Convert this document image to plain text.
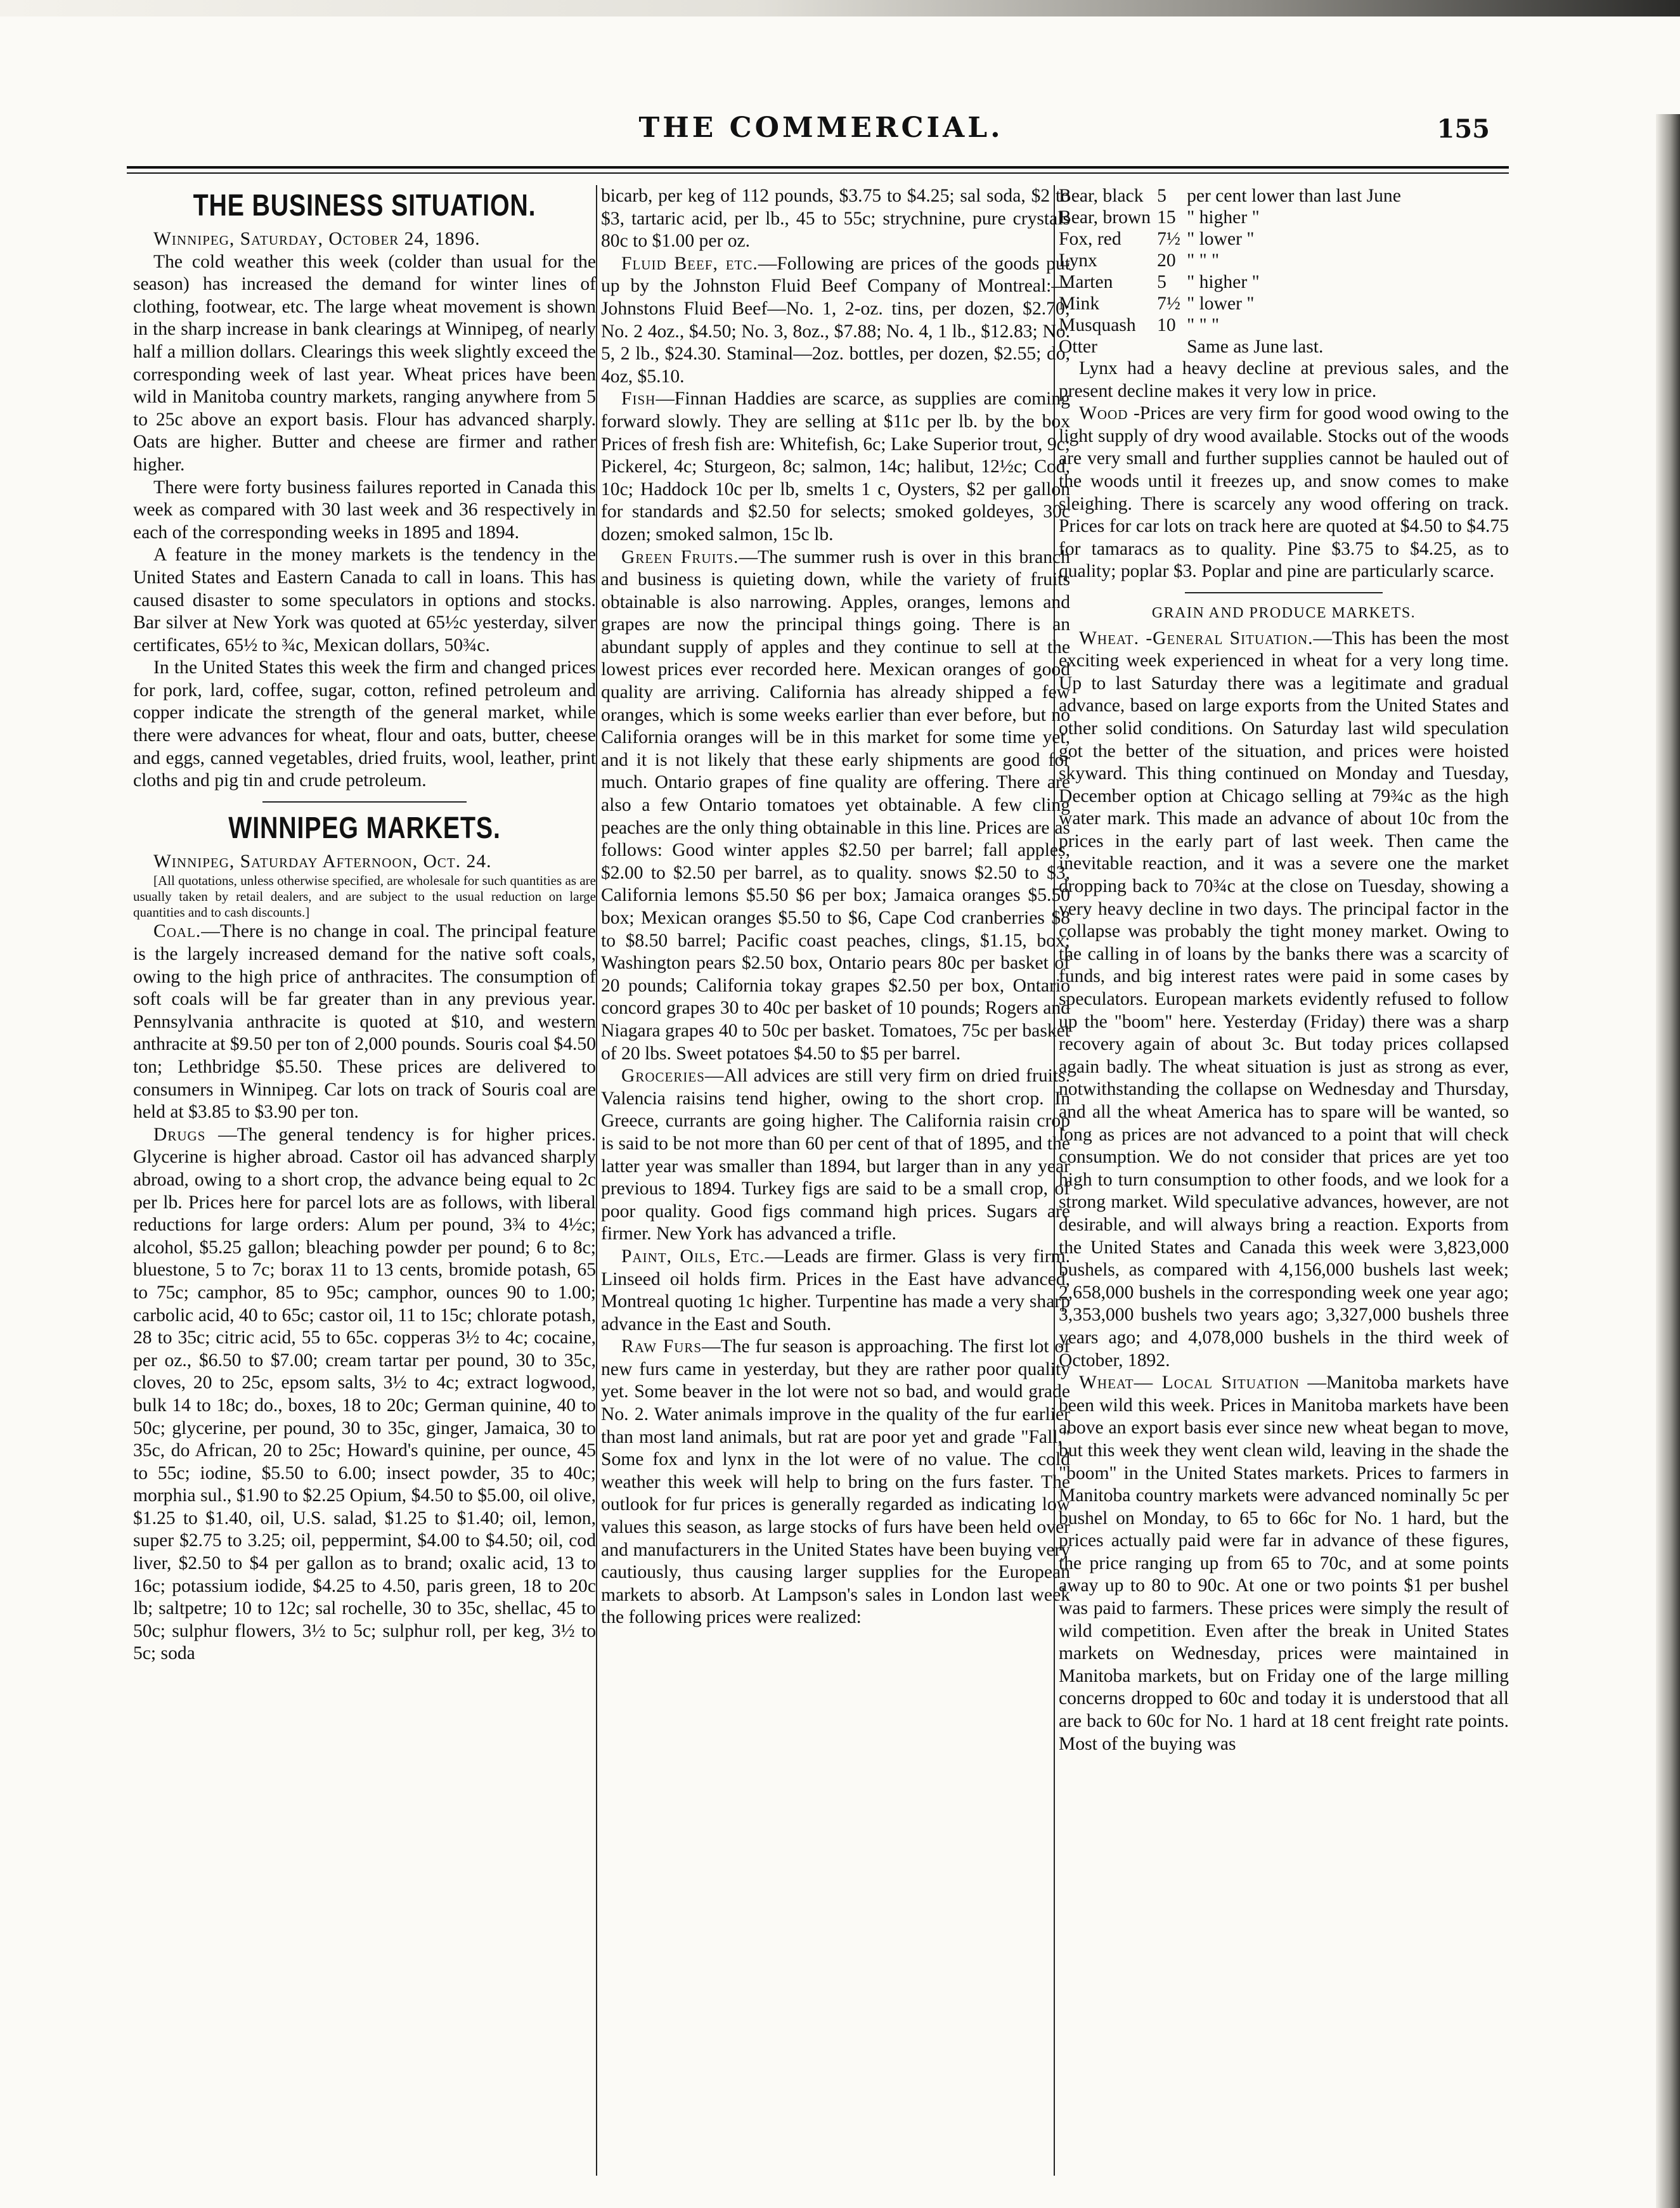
THE COMMERCIAL.	155
THE BUSINESS SITUATION.

Winnipeg, Saturday, October 24, 1896.

The cold weather this week (colder than usual for the season) has increased the demand for winter lines of clothing, footwear, etc. The large wheat movement is shown in the sharp increase in bank clearings at Winnipeg, of nearly half a million dollars. Clearings this week slightly exceed the corresponding week of last year. Wheat prices have been wild in Manitoba country markets, ranging anywhere from 5 to 25c above an export basis. Flour has advanced sharply. Oats are higher. Butter and cheese are firmer and rather higher.

There were forty business failures reported in Canada this week as compared with 30 last week and 36 respectively in each of the corresponding weeks in 1895 and 1894.

A feature in the money markets is the tendency in the United States and Eastern Canada to call in loans. This has caused disaster to some speculators in options and stocks. Bar silver at New York was quoted at 65½c yesterday, silver certificates, 65½ to ¾c, Mexican dollars, 50¾c.

In the United States this week the firm and changed prices for pork, lard, coffee, sugar, cotton, refined petroleum and copper indicate the strength of the general market, while there were advances for wheat, flour and oats, butter, cheese and eggs, canned vegetables, dried fruits, wool, leather, print cloths and pig tin and crude petroleum.

WINNIPEG MARKETS.

Winnipeg, Saturday Afternoon, Oct. 24.

[All quotations, unless otherwise specified, are wholesale for such quantities as are usually taken by retail dealers, and are subject to the usual reduction on large quantities and to cash discounts.]

Coal.—There is no change in coal. The principal feature is the largely increased demand for the native soft coals, owing to the high price of anthracites. The consumption of soft coals will be far greater than in any previous year. Pennsylvania anthracite is quoted at $10, and western anthracite at $9.50 per ton of 2,000 pounds. Souris coal $4.50 ton; Lethbridge $5.50. These prices are delivered to consumers in Winnipeg. Car lots on track of Souris coal are held at $3.85 to $3.90 per ton.

Drugs —The general tendency is for higher prices. Glycerine is higher abroad. Castor oil has advanced sharply abroad, owing to a short crop, the advance being equal to 2c per lb. Prices here for parcel lots are as follows, with liberal reductions for large orders: Alum per pound, 3¾ to 4½c; alcohol, $5.25 gallon; bleaching powder per pound; 6 to 8c; bluestone, 5 to 7c; borax 11 to 13 cents, bromide potash, 65 to 75c; camphor, 85 to 95c; camphor, ounces 90 to 1.00; carbolic acid, 40 to 65c; castor oil, 11 to 15c; chlorate potash, 28 to 35c; citric acid, 55 to 65c. copperas 3½ to 4c; cocaine, per oz., $6.50 to $7.00; cream tartar per pound, 30 to 35c, cloves, 20 to 25c, epsom salts, 3½ to 4c; extract logwood, bulk 14 to 18c; do., boxes, 18 to 20c; German quinine, 40 to 50c; glycerine, per pound, 30 to 35c, ginger, Jamaica, 30 to 35c, do African, 20 to 25c; Howard's quinine, per ounce, 45 to 55c; iodine, $5.50 to 6.00; insect powder, 35 to 40c; morphia sul., $1.90 to $2.25 Opium, $4.50 to $5.00, oil olive, $1.25 to $1.40, oil, U.S. salad, $1.25 to $1.40; oil, lemon, super $2.75 to 3.25; oil, peppermint, $4.00 to $4.50; oil, cod liver, $2.50 to $4 per gallon as to brand; oxalic acid, 13 to 16c; potassium iodide, $4.25 to 4.50, paris green, 18 to 20c lb; saltpetre; 10 to 12c; sal rochelle, 30 to 35c, shellac, 45 to 50c; sulphur flowers, 3½ to 5c; sulphur roll, per keg, 3½ to 5c; soda

bicarb, per keg of 112 pounds, $3.75 to $4.25; sal soda, $2 to $3, tartaric acid, per lb., 45 to 55c; strychnine, pure crystals 80c to $1.00 per oz.

Fluid Beef, etc.—Following are prices of the goods put up by the Johnston Fluid Beef Company of Montreal:—Johnstons Fluid Beef—No. 1, 2-oz. tins, per dozen, $2.70; No. 2 4oz., $4.50; No. 3, 8oz., $7.88; No. 4, 1 lb., $12.83; No. 5, 2 lb., $24.30. Staminal—2oz. bottles, per dozen, $2.55; do, 4oz, $5.10.

Fish—Finnan Haddies are scarce, as supplies are coming forward slowly. They are selling at $11c per lb. by the box Prices of fresh fish are: Whitefish, 6c; Lake Superior trout, 9c; Pickerel, 4c; Sturgeon, 8c; salmon, 14c; halibut, 12½c; Cod, 10c; Haddock 10c per lb, smelts 1 c, Oysters, $2 per gallon for standards and $2.50 for selects; smoked goldeyes, 30c dozen; smoked salmon, 15c lb.

Green Fruits.—The summer rush is over in this branch and business is quieting down, while the variety of fruits obtainable is also narrowing. Apples, oranges, lemons and grapes are now the principal things going. There is an abundant supply of apples and they continue to sell at the lowest prices ever recorded here. Mexican oranges of good quality are arriving. California has already shipped a few oranges, which is some weeks earlier than ever before, but no California oranges will be in this market for some time yet, and it is not likely that these early shipments are good for much. Ontario grapes of fine quality are offering. There are also a few Ontario tomatoes yet obtainable. A few cling peaches are the only thing obtainable in this line. Prices are as follows: Good winter apples $2.50 per barrel; fall apples, $2.00 to $2.50 per barrel, as to quality. snows $2.50 to $3, California lemons $5.50 $6 per box; Jamaica oranges $5.50 box; Mexican oranges $5.50 to $6, Cape Cod cranberries $8 to $8.50 barrel; Pacific coast peaches, clings, $1.15, box; Washington pears $2.50 box, Ontario pears 80c per basket of 20 pounds; California tokay grapes $2.50 per box, Ontario concord grapes 30 to 40c per basket of 10 pounds; Rogers and Niagara grapes 40 to 50c per basket. Tomatoes, 75c per basket of 20 lbs. Sweet potatoes $4.50 to $5 per barrel.

Groceries—All advices are still very firm on dried fruits. Valencia raisins tend higher, owing to the short crop. In Greece, currants are going higher. The California raisin crop is said to be not more than 60 per cent of that of 1895, and the latter year was smaller than 1894, but larger than in any year previous to 1894. Turkey figs are said to be a small crop, of poor quality. Good figs command high prices. Sugars are firmer. New York has advanced a trifle.

Paint, Oils, Etc.—Leads are firmer. Glass is very firm. Linseed oil holds firm. Prices in the East have advanced, Montreal quoting 1c higher. Turpentine has made a very sharp advance in the East and South.

Raw Furs—The fur season is approaching. The first lot of new furs came in yesterday, but they are rather poor quality yet. Some beaver in the lot were not so bad, and would grade No. 2. Water animals improve in the quality of the fur earlier than most land animals, but rat are poor yet and grade "Fall," Some fox and lynx in the lot were of no value. The cold weather this week will help to bring on the furs faster. The outlook for fur prices is generally regarded as indicating low values this season, as large stocks of furs have been held over and manufacturers in the United States have been buying very cautiously, thus causing larger supplies for the European markets to absorb. At Lampson's sales in London last week the following prices were realized:

Bear, black	5	per cent lower than last June
Bear, brown	15	" higher "
Fox, red	7½	" lower "
Lynx	20	" " "
Marten	5	" higher "
Mink	7½	" lower "
Musquash	10	" " "
Otter		Same as June last.

Lynx had a heavy decline at previous sales, and the present decline makes it very low in price.

Wood -Prices are very firm for good wood owing to the light supply of dry wood available. Stocks out of the woods are very small and further supplies cannot be hauled out of the woods until it freezes up, and snow comes to make sleighing. There is scarcely any wood offering on track. Prices for car lots on track here are quoted at $4.50 to $4.75 for tamaracs as to quality. Pine $3.75 to $4.25, as to quality; poplar $3. Poplar and pine are particularly scarce.

GRAIN AND PRODUCE MARKETS.

Wheat. -General Situation.—This has been the most exciting week experienced in wheat for a very long time. Up to last Saturday there was a legitimate and gradual advance, based on large exports from the United States and other solid conditions. On Saturday last wild speculation got the better of the situation, and prices were hoisted skyward. This thing continued on Monday and Tuesday, December option at Chicago selling at 79¾c as the high water mark. This made an advance of about 10c from the prices in the early part of last week. Then came the inevitable reaction, and it was a severe one the market dropping back to 70¾c at the close on Tuesday, showing a very heavy decline in two days. The principal factor in the collapse was probably the tight money market. Owing to the calling in of loans by the banks there was a scarcity of funds, and big interest rates were paid in some cases by speculators. European markets evidently refused to follow up the "boom" here. Yesterday (Friday) there was a sharp recovery again of about 3c. But today prices collapsed again badly. The wheat situation is just as strong as ever, notwithstanding the collapse on Wednesday and Thursday, and all the wheat America has to spare will be wanted, so long as prices are not advanced to a point that will check consumption. We do not consider that prices are yet too high to turn consumption to other foods, and we look for a strong market. Wild speculative advances, however, are not desirable, and will always bring a reaction. Exports from the United States and Canada this week were 3,823,000 bushels, as compared with 4,156,000 bushels last week; 2,658,000 bushels in the corresponding week one year ago; 3,353,000 bushels two years ago; 3,327,000 bushels three years ago; and 4,078,000 bushels in the third week of October, 1892.

Wheat— Local Situation —Manitoba markets have been wild this week. Prices in Manitoba markets have been above an export basis ever since new wheat began to move, but this week they went clean wild, leaving in the shade the "boom" in the United States markets. Prices to farmers in Manitoba country markets were advanced nominally 5c per bushel on Monday, to 65 to 66c for No. 1 hard, but the prices actually paid were far in advance of these figures, the price ranging up from 65 to 70c, and at some points away up to 80 to 90c. At one or two points $1 per bushel was paid to farmers. These prices were simply the result of wild competition. Even after the break in United States markets on Wednesday, prices were maintained in Manitoba markets, but on Friday one of the large milling concerns dropped to 60c and today it is understood that all are back to 60c for No. 1 hard at 18 cent freight rate points. Most of the buying was
